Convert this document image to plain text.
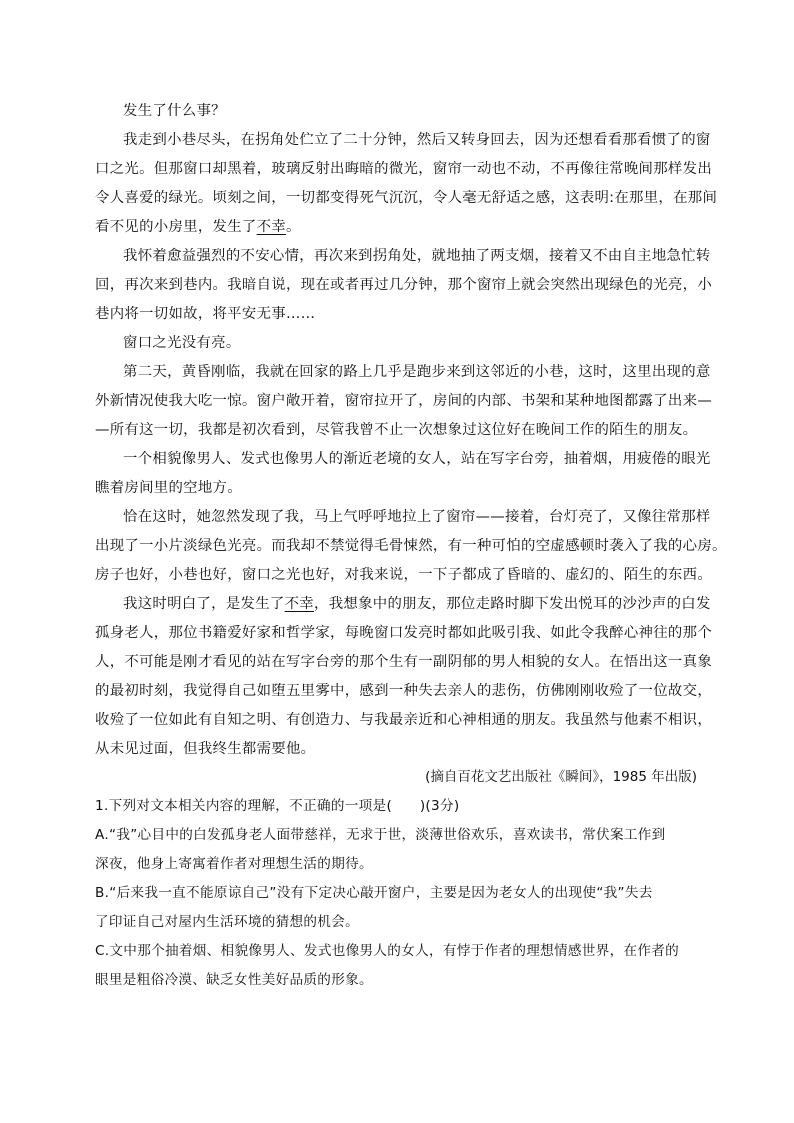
发生了什么事？
我走到小巷尽头，在拐角处伫立了二十分钟，然后又转身回去，因为还想看看那看惯了的窗
口之光。但那窗口却黑着，玻璃反射出晦暗的微光，窗帘一动也不动，不再像往常晚间那样发出
令人喜爱的绿光。顷刻之间，一切都变得死气沉沉，令人毫无舒适之感，这表明:在那里，在那间
看不见的小房里，发生了不幸。
我怀着愈益强烈的不安心情，再次来到拐角处，就地抽了两支烟，接着又不由自主地急忙转
回，再次来到巷内。我暗自说，现在或者再过几分钟，那个窗帘上就会突然出现绿色的光亮，小
巷内将一切如故，将平安无事……
窗口之光没有亮。
第二天，黄昏刚临，我就在回家的路上几乎是跑步来到这邻近的小巷，这时，这里出现的意
外新情况使我大吃一惊。窗户敞开着，窗帘拉开了，房间的内部、书架和某种地图都露了出来—
—所有这一切，我都是初次看到，尽管我曾不止一次想象过这位好在晚间工作的陌生的朋友。
一个相貌像男人、发式也像男人的渐近老境的女人，站在写字台旁，抽着烟，用疲倦的眼光
瞧着房间里的空地方。
恰在这时，她忽然发现了我，马上气呼呼地拉上了窗帘——接着，台灯亮了，又像往常那样
出现了一小片淡绿色光亮。而我却不禁觉得毛骨悚然，有一种可怕的空虚感顿时袭入了我的心房。
房子也好，小巷也好，窗口之光也好，对我来说，一下子都成了昏暗的、虚幻的、陌生的东西。
我这时明白了，是发生了不幸，我想象中的朋友，那位走路时脚下发出悦耳的沙沙声的白发
孤身老人，那位书籍爱好家和哲学家，每晚窗口发亮时都如此吸引我、如此令我醉心神往的那个
人，不可能是刚才看见的站在写字台旁的那个生有一副阴郁的男人相貌的女人。在悟出这一真象
的最初时刻，我觉得自己如堕五里雾中，感到一种失去亲人的悲伤，仿佛刚刚收殓了一位故交，
收殓了一位如此有自知之明、有创造力、与我最亲近和心神相通的朋友。我虽然与他素不相识，
从未见过面，但我终生都需要他。
(摘自百花文艺出版社《瞬间》，1985 年出版)
1.下列对文本相关内容的理解，不正确的一项是(　　)(3分)
A.“我”心目中的白发孤身老人面带慈祥，无求于世，淡薄世俗欢乐，喜欢读书，常伏案工作到
深夜，他身上寄寓着作者对理想生活的期待。
B.“后来我一直不能原谅自己”没有下定决心敲开窗户，主要是因为老女人的出现使“我”失去
了印证自己对屋内生活环境的猜想的机会。
C.文中那个抽着烟、相貌像男人、发式也像男人的女人，有悖于作者的理想情感世界，在作者的
眼里是粗俗冷漠、缺乏女性美好品质的形象。
